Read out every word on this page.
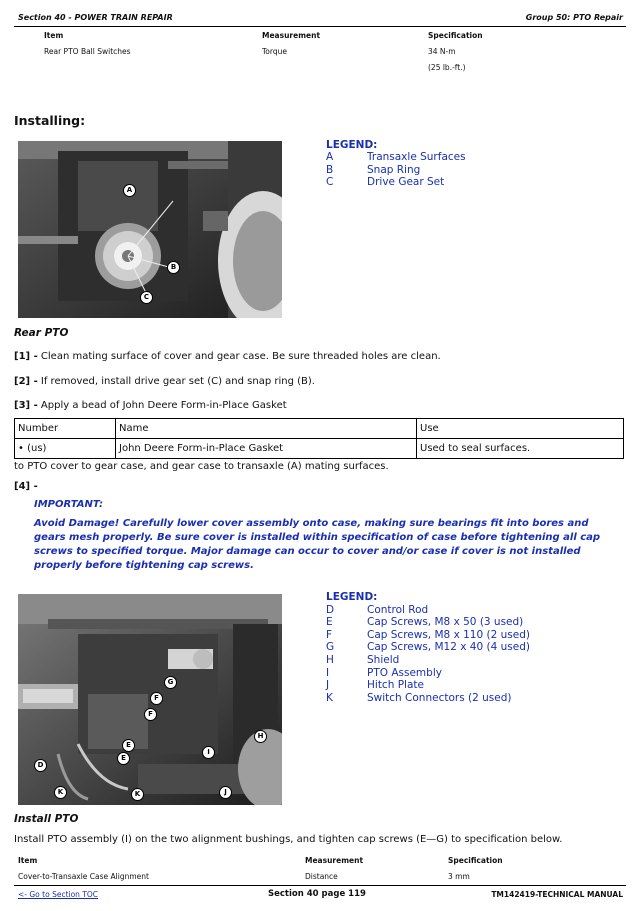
Section 40 - POWER TRAIN REPAIR	Group 50: PTO Repair
Item	Measurement	Specification
Rear PTO Ball Switches	Torque	34 N-m
(25 lb.-ft.)
Installing:
A
B
C
LEGEND:
A	Transaxle Surfaces
B	Snap Ring
C	Drive Gear Set
Rear PTO
[1] - Clean mating surface of cover and gear case. Be sure threaded holes are clean.
[2] - If removed, install drive gear set (C) and snap ring (B).
[3] - Apply a bead of John Deere Form-in-Place Gasket
Number	Name	Use
• (us)	John Deere Form-in-Place Gasket	Used to seal surfaces.
to PTO cover to gear case, and gear case to transaxle (A) mating surfaces.
[4] -
IMPORTANT:
Avoid Damage! Carefully lower cover assembly onto case, making sure bearings fit into bores and gears mesh properly. Be sure cover is installed within specification of case before tightening all cap screws to specified torque. Major damage can occur to cover and/or case if cover is not installed properly before tightening cap screws.
G
F
F
E
E
H
I
D
K	K	J
LEGEND:
D	Control Rod
E	Cap Screws, M8 x 50 (3 used)
F	Cap Screws, M8 x 110 (2 used)
G	Cap Screws, M12 x 40 (4 used)
H	Shield
I	PTO Assembly
J	Hitch Plate
K	Switch Connectors (2 used)
Install PTO
Install PTO assembly (I) on the two alignment bushings, and tighten cap screws (E—G) to specification below.
Item	Measurement	Specification
Cover-to-Transaxle Case Alignment	Distance	3 mm
<- Go to Section TOC	Section 40 page 119	TM142419-TECHNICAL MANUAL
